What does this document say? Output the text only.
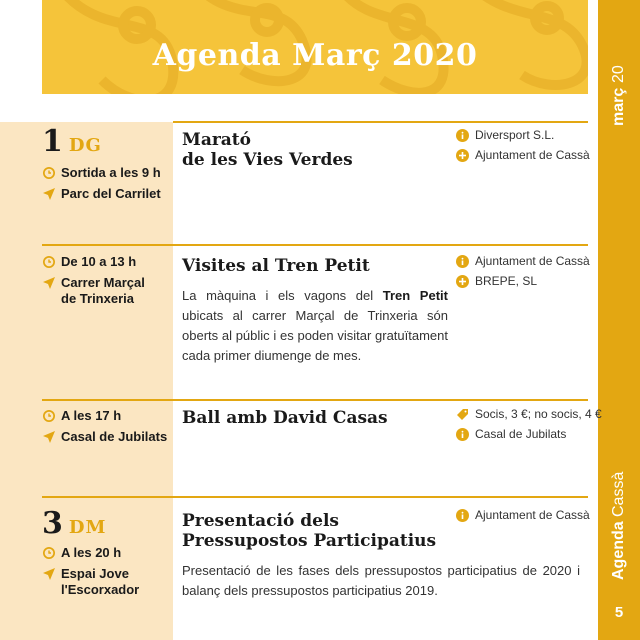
Agenda Març 2020
març

20
Agenda

Cassà
5
1 DG
Sortida a les 9 h
Parc del Carrilet
Marató
de les Vies Verdes
Diversport S.L.
Ajuntament de Cassà
De 10 a 13 h
Carrer Marçal
de Trinxeria
Visites al Tren Petit
La màquina i els vagons del Tren Petit ubicats al carrer Marçal de Trinxeria són oberts al públic i es poden visitar gratuïtament cada primer diumenge de mes.
Ajuntament de Cassà
BREPE, SL
A les 17 h
Casal de Jubilats
Ball amb David Casas	Socis, 3 €; no socis, 4 €
Casal de Jubilats
3 DM
A les 20 h
Espai Jove
l'Escorxador
Presentació dels
Pressupostos Participatius
Presentació de les fases dels pressupostos participatius de 2020 i balanç dels pressupostos participatius 2019.
Ajuntament de Cassà
